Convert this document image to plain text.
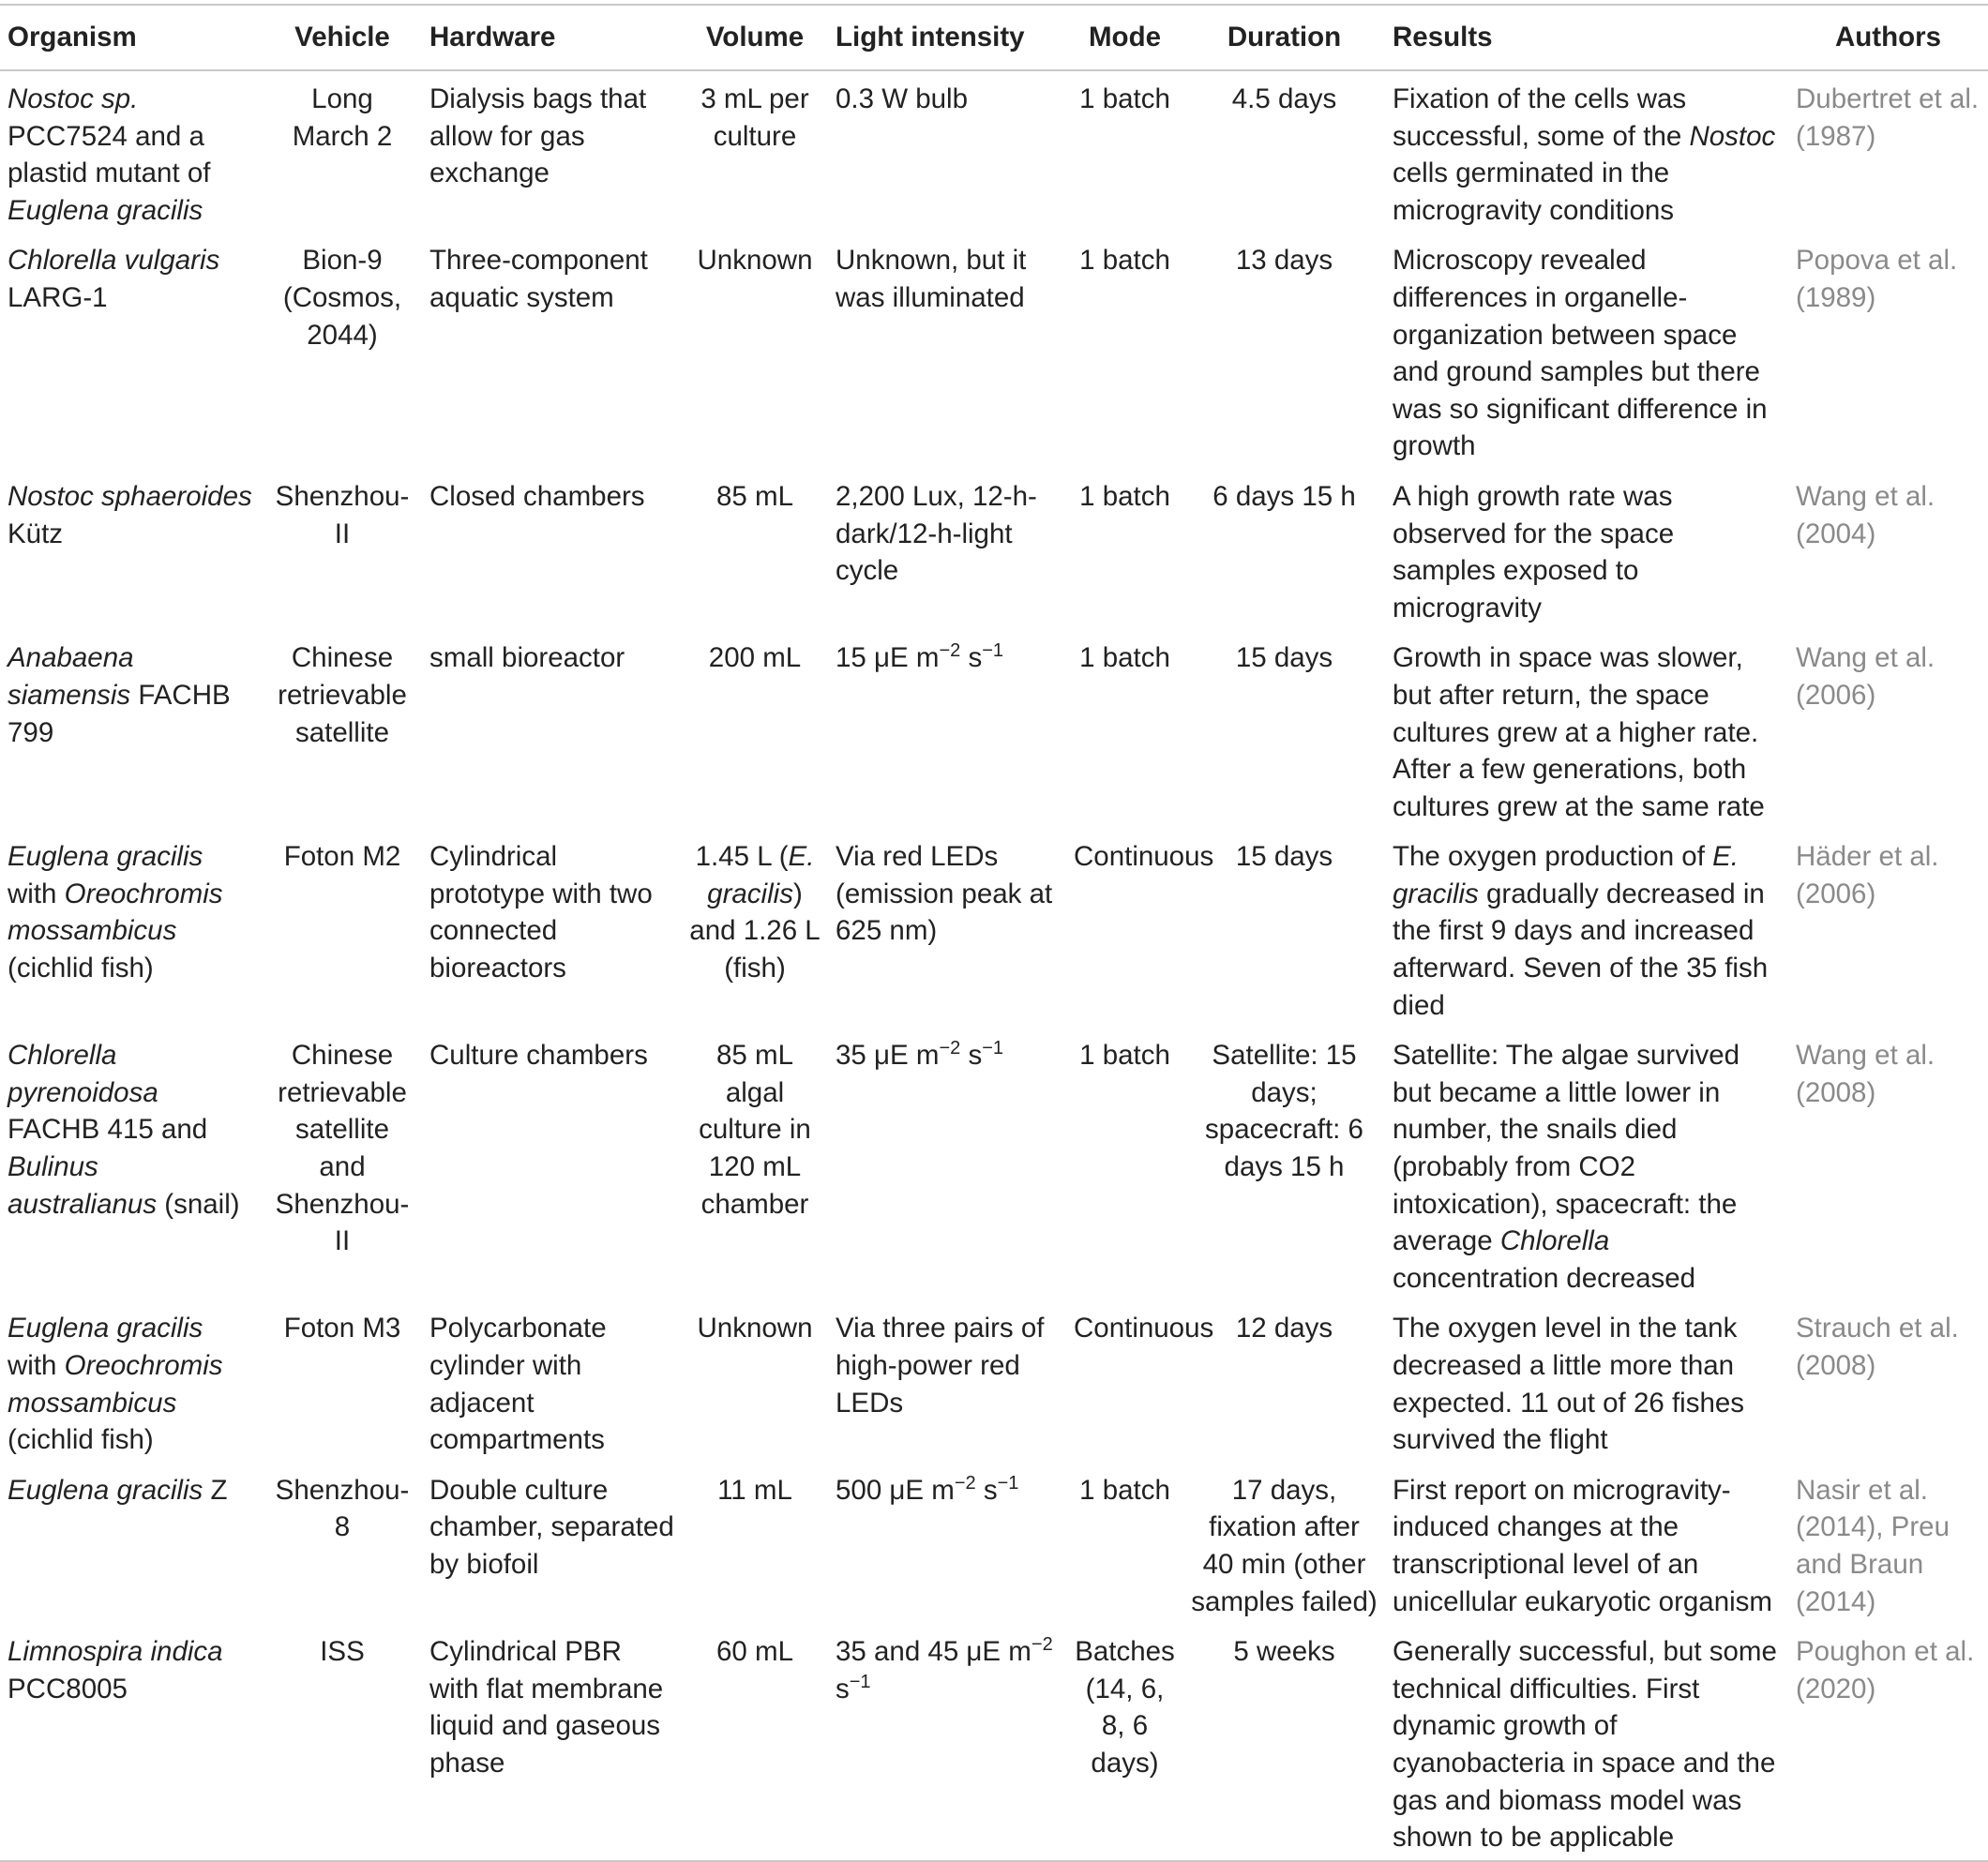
Organism	Vehicle	Hardware	Volume	Light intensity	Mode	Duration	Results	Authors
Nostoc sp. PCC7524 and a plastid mutant of Euglena gracilis	Long March 2	Dialysis bags that allow for gas exchange	3 mL per culture	0.3 W bulb	1 batch	4.5 days	Fixation of the cells was successful, some of the Nostoc cells germinated in the microgravity conditions	Dubertret et al. (1987)
Chlorella vulgaris LARG-1	Bion-9 (Cosmos, 2044)	Three-component aquatic system	Unknown	Unknown, but it was illuminated	1 batch	13 days	Microscopy revealed differences in organelle-organization between space and ground samples but there was so significant difference in growth	Popova et al. (1989)
Nostoc sphaeroides Kütz	Shenzhou-II	Closed chambers	85 mL	2,200 Lux, 12-h-dark/12-h-light cycle	1 batch	6 days 15 h	A high growth rate was observed for the space samples exposed to microgravity	Wang et al. (2004)
Anabaena siamensis FACHB 799	Chinese retrievable satellite	small bioreactor	200 mL	15 μE $m^{-2}$ $s^{-1}$	1 batch	15 days	Growth in space was slower, but after return, the space cultures grew at a higher rate. After a few generations, both cultures grew at the same rate	Wang et al. (2006)
Euglena gracilis with Oreochromis mossambicus (cichlid fish)	Foton M2	Cylindrical prototype with two connected bioreactors	1.45 L (E. gracilis) and 1.26 L (fish)	Via red LEDs (emission peak at 625 nm)	Continuous	15 days	The oxygen production of E. gracilis gradually decreased in the first 9 days and increased afterward. Seven of the 35 fish died	Häder et al. (2006)
Chlorella pyrenoidosa FACHB 415 and Bulinus australianus (snail)	Chinese retrievable satellite and Shenzhou-II	Culture chambers	85 mL algal culture in 120 mL chamber	35 μE $m^{-2}$ $s^{-1}$	1 batch	Satellite: 15 days; spacecraft: 6 days 15 h	Satellite: The algae survived but became a little lower in number, the snails died (probably from CO2 intoxication), spacecraft: the average Chlorella concentration decreased	Wang et al. (2008)
Euglena gracilis with Oreochromis mossambicus (cichlid fish)	Foton M3	Polycarbonate cylinder with adjacent compartments	Unknown	Via three pairs of high-power red LEDs	Continuous	12 days	The oxygen level in the tank decreased a little more than expected. 11 out of 26 fishes survived the flight	Strauch et al. (2008)
Euglena gracilis Z	Shenzhou-8	Double culture chamber, separated by biofoil	11 mL	500 μE $m^{-2}$ $s^{-1}$	1 batch	17 days, fixation after 40 min (other samples failed)	First report on microgravity-induced changes at the transcriptional level of an unicellular eukaryotic organism	Nasir et al. (2014), Preu and Braun (2014)
Limnospira indica PCC8005	ISS	Cylindrical PBR with flat membrane liquid and gaseous phase	60 mL	35 and 45 μE $m^{-2}$ $s^{-1}$	Batches (14, 6, 8, 6 days)	5 weeks	Generally successful, but some technical difficulties. First dynamic growth of cyanobacteria in space and the gas and biomass model was shown to be applicable	Poughon et al. (2020)
